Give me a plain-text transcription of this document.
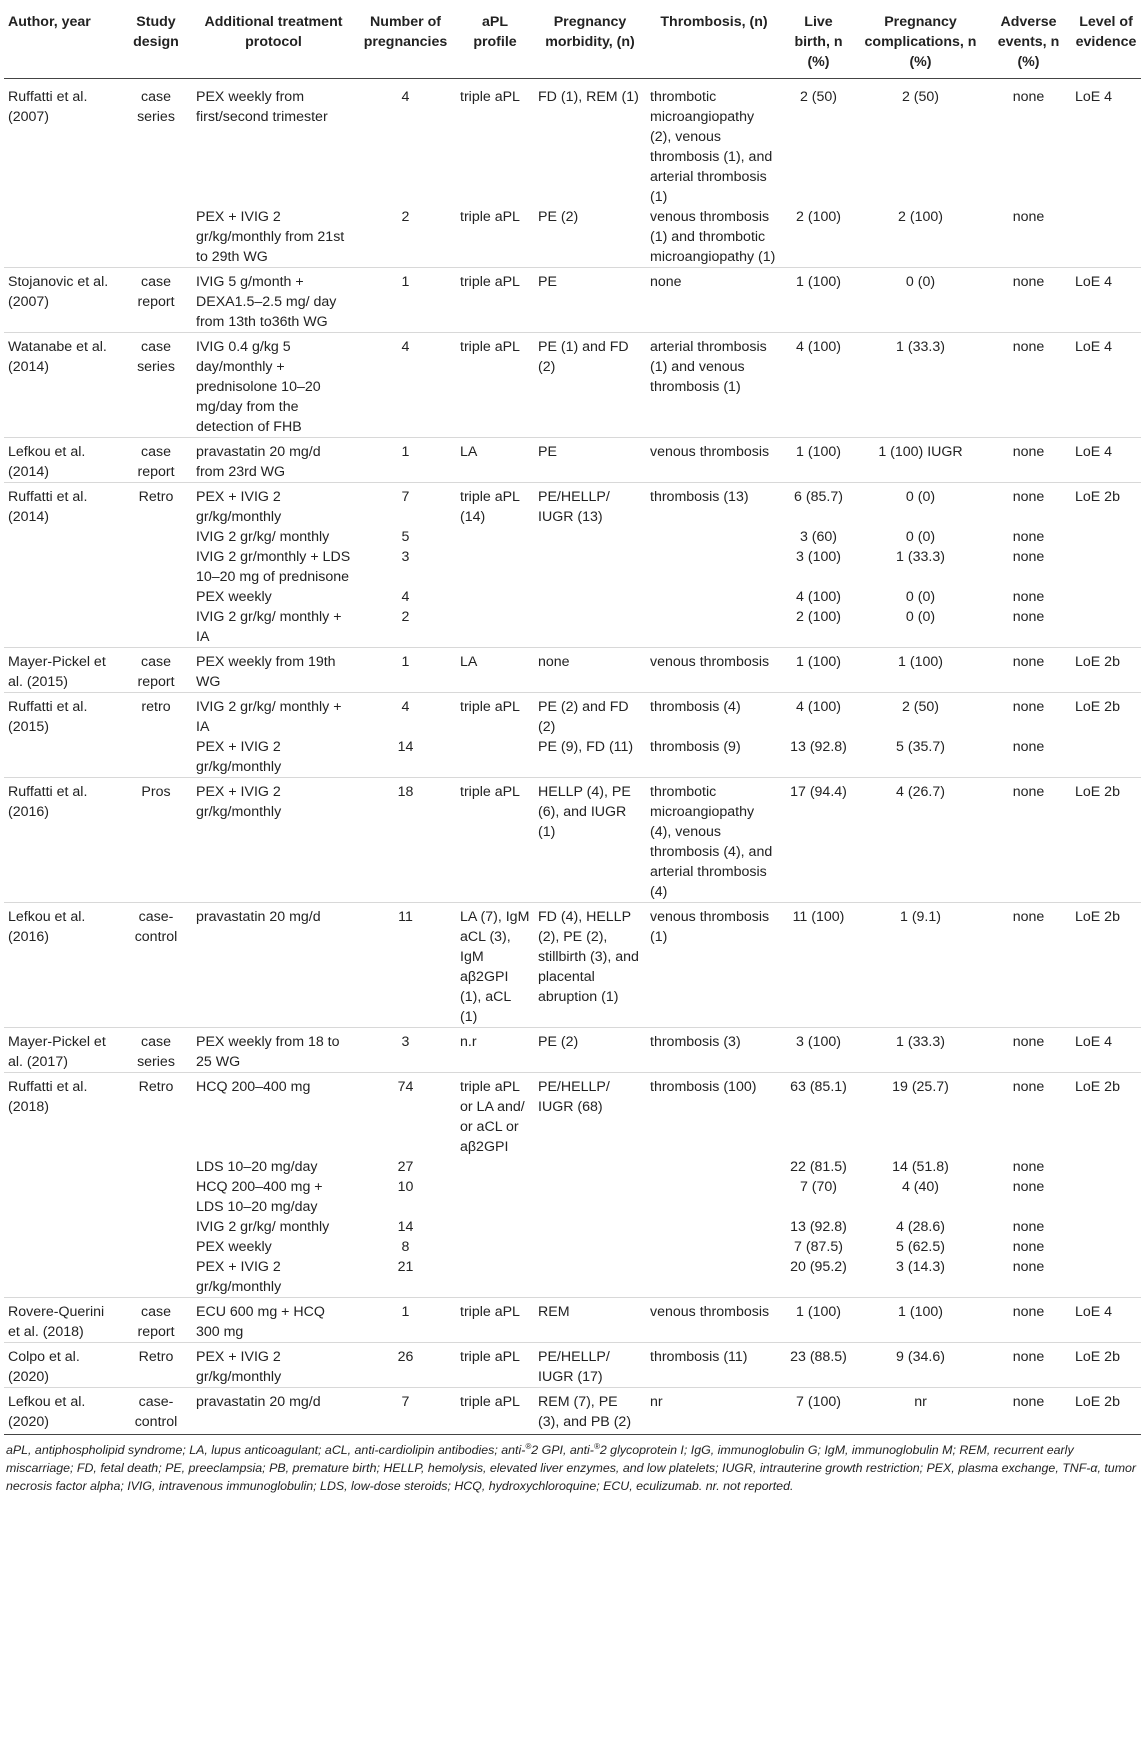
Author, year	Study design	Additional treatment protocol	Number of pregnancies	aPL profile	Pregnancy morbidity, (n)	Thrombosis, (n)	Live birth, n (%)	Pregnancy complications, n (%)	Adverse events, n (%)	Level of evidence
Ruffatti et al. (2007)	case series	PEX weekly from first/second trimester	4	triple aPL	FD (1), REM (1)	thrombotic microangiopathy (2), venous thrombosis (1), and arterial thrombosis (1)	2 (50)	2 (50)	none	LoE 4
		PEX + IVIG 2 gr/kg/monthly from 21st to 29th WG	2	triple aPL	PE (2)	venous thrombosis (1) and thrombotic microangiopathy (1)	2 (100)	2 (100)	none	
Stojanovic et al. (2007)	case report	IVIG 5 g/month + DEXA1.5–2.5 mg/ day from 13th to36th WG	1	triple aPL	PE	none	1 (100)	0 (0)	none	LoE 4
Watanabe et al. (2014)	case series	IVIG 0.4 g/kg 5 day/monthly + prednisolone 10–20 mg/day from the detection of FHB	4	triple aPL	PE (1) and FD (2)	arterial thrombosis (1) and venous thrombosis (1)	4 (100)	1 (33.3)	none	LoE 4
Lefkou et al. (2014)	case report	pravastatin 20 mg/d from 23rd WG	1	LA	PE	venous thrombosis	1 (100)	1 (100) IUGR	none	LoE 4
Ruffatti et al. (2014)	Retro	PEX + IVIG 2 gr/kg/monthly	7	triple aPL (14)	PE/HELLP/ IUGR (13)	thrombosis (13)	6 (85.7)	0 (0)	none	LoE 2b
		IVIG 2 gr/kg/ monthly	5				3 (60)	0 (0)	none	
		IVIG 2 gr/monthly + LDS 10–20 mg of prednisone	3				3 (100)	1 (33.3)	none	
		PEX weekly	4				4 (100)	0 (0)	none	
		IVIG 2 gr/kg/ monthly + IA	2				2 (100)	0 (0)	none	
Mayer-Pickel et al. (2015)	case report	PEX weekly from 19th WG	1	LA	none	venous thrombosis	1 (100)	1 (100)	none	LoE 2b
Ruffatti et al. (2015)	retro	IVIG 2 gr/kg/ monthly + IA	4	triple aPL	PE (2) and FD (2)	thrombosis (4)	4 (100)	2 (50)	none	LoE 2b
		PEX + IVIG 2 gr/kg/monthly	14		PE (9), FD (11)	thrombosis (9)	13 (92.8)	5 (35.7)	none	
Ruffatti et al. (2016)	Pros	PEX + IVIG 2 gr/kg/monthly	18	triple aPL	HELLP (4), PE (6), and IUGR (1)	thrombotic microangiopathy (4), venous thrombosis (4), and arterial thrombosis (4)	17 (94.4)	4 (26.7)	none	LoE 2b
Lefkou et al. (2016)	case- control	pravastatin 20 mg/d	11	LA (7), IgM aCL (3), IgM aβ2GPI (1), aCL (1)	FD (4), HELLP (2), PE (2), stillbirth (3), and placental abruption (1)	venous thrombosis (1)	11 (100)	1 (9.1)	none	LoE 2b
Mayer-Pickel et al. (2017)	case series	PEX weekly from 18 to 25 WG	3	n.r	PE (2)	thrombosis (3)	3 (100)	1 (33.3)	none	LoE 4
Ruffatti et al. (2018)	Retro	HCQ 200–400 mg	74	triple aPL or LA and/ or aCL or aβ2GPI	PE/HELLP/ IUGR (68)	thrombosis (100)	63 (85.1)	19 (25.7)	none	LoE 2b
		LDS 10–20 mg/day	27				22 (81.5)	14 (51.8)	none	
		HCQ 200–400 mg + LDS 10–20 mg/day	10				7 (70)	4 (40)	none	
		IVIG 2 gr/kg/ monthly	14				13 (92.8)	4 (28.6)	none	
		PEX weekly	8				7 (87.5)	5 (62.5)	none	
		PEX + IVIG 2 gr/kg/monthly	21				20 (95.2)	3 (14.3)	none	
Rovere-Querini et al. (2018)	case report	ECU 600 mg + HCQ 300 mg	1	triple aPL	REM	venous thrombosis	1 (100)	1 (100)	none	LoE 4
Colpo et al. (2020)	Retro	PEX + IVIG 2 gr/kg/monthly	26	triple aPL	PE/HELLP/ IUGR (17)	thrombosis (11)	23 (88.5)	9 (34.6)	none	LoE 2b
Lefkou et al. (2020)	case- control	pravastatin 20 mg/d	7	triple aPL	REM (7), PE (3), and PB (2)	nr	7 (100)	nr	none	LoE 2b
aPL, antiphospholipid syndrome; LA, lupus anticoagulant; aCL, anti-cardiolipin antibodies; anti-®2 GPI, anti-®2 glycoprotein I; IgG, immunoglobulin G; IgM, immunoglobulin M; REM, recurrent early miscarriage; FD, fetal death; PE, preeclampsia; PB, premature birth; HELLP, hemolysis, elevated liver enzymes, and low platelets; IUGR, intrauterine growth restriction; PEX, plasma exchange, TNF-α, tumor necrosis factor alpha; IVIG, intravenous immunoglobulin; LDS, low-dose steroids; HCQ, hydroxychloroquine; ECU, eculizumab. nr. not reported.
